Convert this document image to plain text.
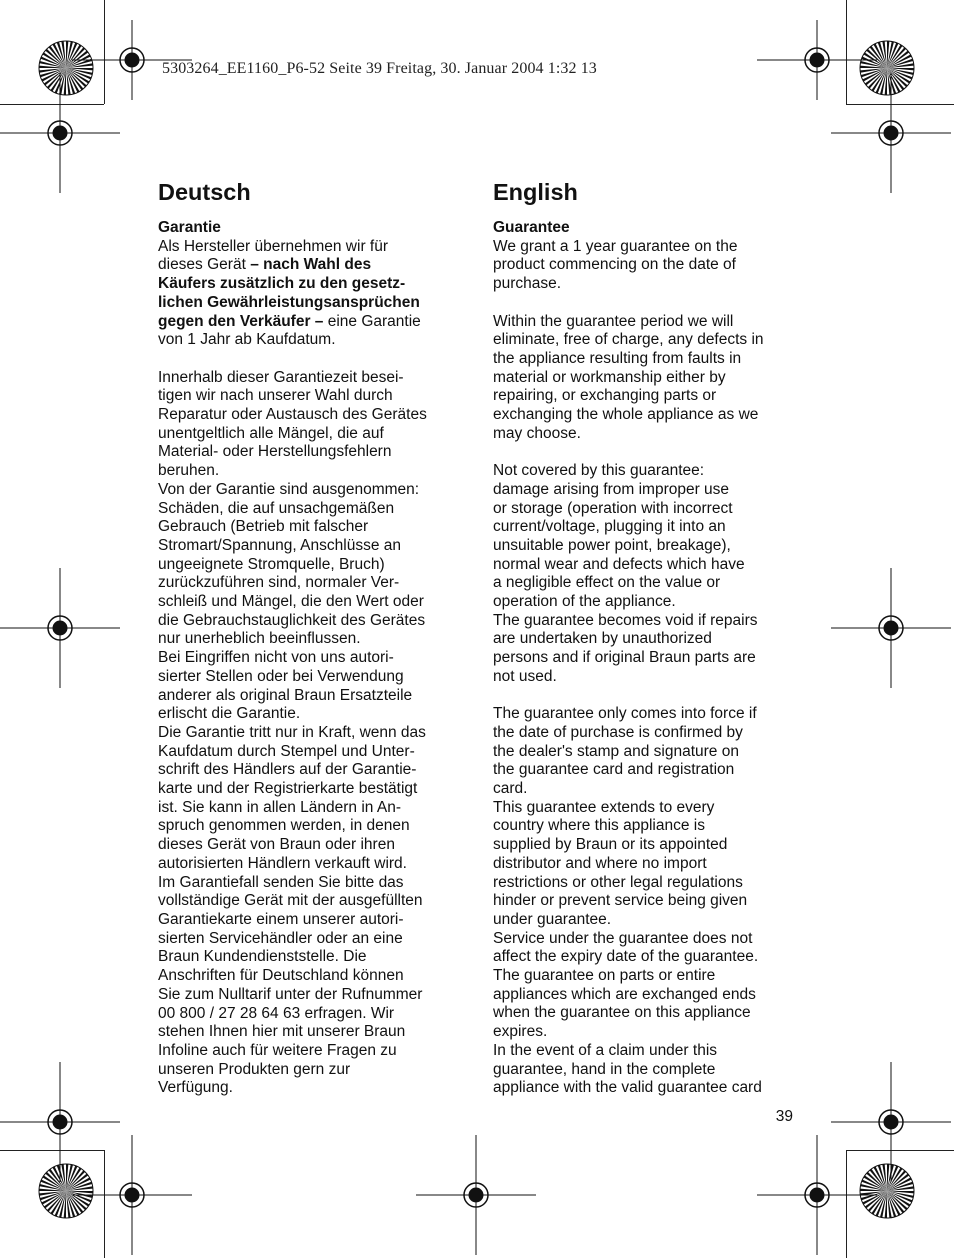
5303264_EE1160_P6-52 Seite 39 Freitag, 30. Januar 2004 1:32 13
Deutsch

Garantie

Als Hersteller übernehmen wir für
dieses Gerät – nach Wahl des
Käufers zusätzlich zu den gesetz-
lichen Gewährleistungsansprüchen
gegen den Verkäufer – eine Garantie
von 1 Jahr ab Kaufdatum.

Innerhalb dieser Garantiezeit besei-
tigen wir nach unserer Wahl durch
Reparatur oder Austausch des Gerätes
unentgeltlich alle Mängel, die auf
Material- oder Herstellungsfehlern
beruhen.
Von der Garantie sind ausgenommen:
Schäden, die auf unsachgemäßen
Gebrauch (Betrieb mit falscher
Stromart/Spannung, Anschlüsse an
ungeeignete Stromquelle, Bruch)
zurückzuführen sind, normaler Ver-
schleiß und Mängel, die den Wert oder
die Gebrauchstauglichkeit des Gerätes
nur unerheblich beeinflussen.
Bei Eingriffen nicht von uns autori-
sierter Stellen oder bei Verwendung
anderer als original Braun Ersatzteile
erlischt die Garantie.
Die Garantie tritt nur in Kraft, wenn das
Kaufdatum durch Stempel und Unter-
schrift des Händlers auf der Garantie-
karte und der Registrierkarte bestätigt
ist. Sie kann in allen Ländern in An-
spruch genommen werden, in denen
dieses Gerät von Braun oder ihren
autorisierten Händlern verkauft wird.
Im Garantiefall senden Sie bitte das
vollständige Gerät mit der ausgefüllten
Garantiekarte einem unserer autori-
sierten Servicehändler oder an eine
Braun Kundendienststelle. Die
Anschriften für Deutschland können
Sie zum Nulltarif unter der Rufnummer
00 800 / 27 28 64 63 erfragen. Wir
stehen Ihnen hier mit unserer Braun
Infoline auch für weitere Fragen zu
unseren Produkten gern zur
Verfügung.

English

Guarantee

We grant a 1 year guarantee on the
product commencing on the date of
purchase.

Within the guarantee period we will
eliminate, free of charge, any defects in
the appliance resulting from faults in
material or workmanship either by
repairing, or exchanging parts or
exchanging the whole appliance as we
may choose.

Not covered by this guarantee:
damage arising from improper use
or storage (operation with incorrect
current/voltage, plugging it into an
unsuitable power point, breakage),
normal wear and defects which have
a negligible effect on the value or
operation of the appliance.
The guarantee becomes void if repairs
are undertaken by unauthorized
persons and if original Braun parts are
not used.

The guarantee only comes into force if
the date of purchase is confirmed by
the dealer's stamp and signature on
the guarantee card and registration
card.
This guarantee extends to every
country where this appliance is
supplied by Braun or its appointed
distributor and where no import
restrictions or other legal regulations
hinder or prevent service being given
under guarantee.
Service under the guarantee does not
affect the expiry date of the guarantee.
The guarantee on parts or entire
appliances which are exchanged ends
when the guarantee on this appliance
expires.
In the event of a claim under this
guarantee, hand in the complete
appliance with the valid guarantee card

39
